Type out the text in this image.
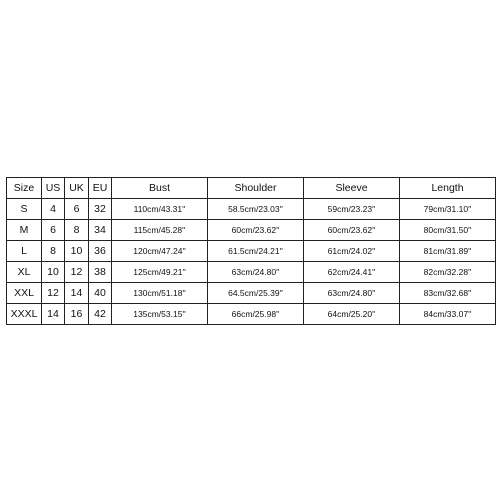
Size	US	UK	EU	Bust	Shoulder	Sleeve	Length
S	4	6	32	110cm/43.31''	58.5cm/23.03''	59cm/23.23''	79cm/31.10''
M	6	8	34	115cm/45.28''	60cm/23.62''	60cm/23.62''	80cm/31.50''
L	8	10	36	120cm/47.24''	61.5cm/24.21''	61cm/24.02''	81cm/31.89''
XL	10	12	38	125cm/49.21''	63cm/24.80''	62cm/24.41''	82cm/32.28''
XXL	12	14	40	130cm/51.18''	64.5cm/25.39''	63cm/24.80''	83cm/32.68''
XXXL	14	16	42	135cm/53.15''	66cm/25.98''	64cm/25.20''	84cm/33.07''
